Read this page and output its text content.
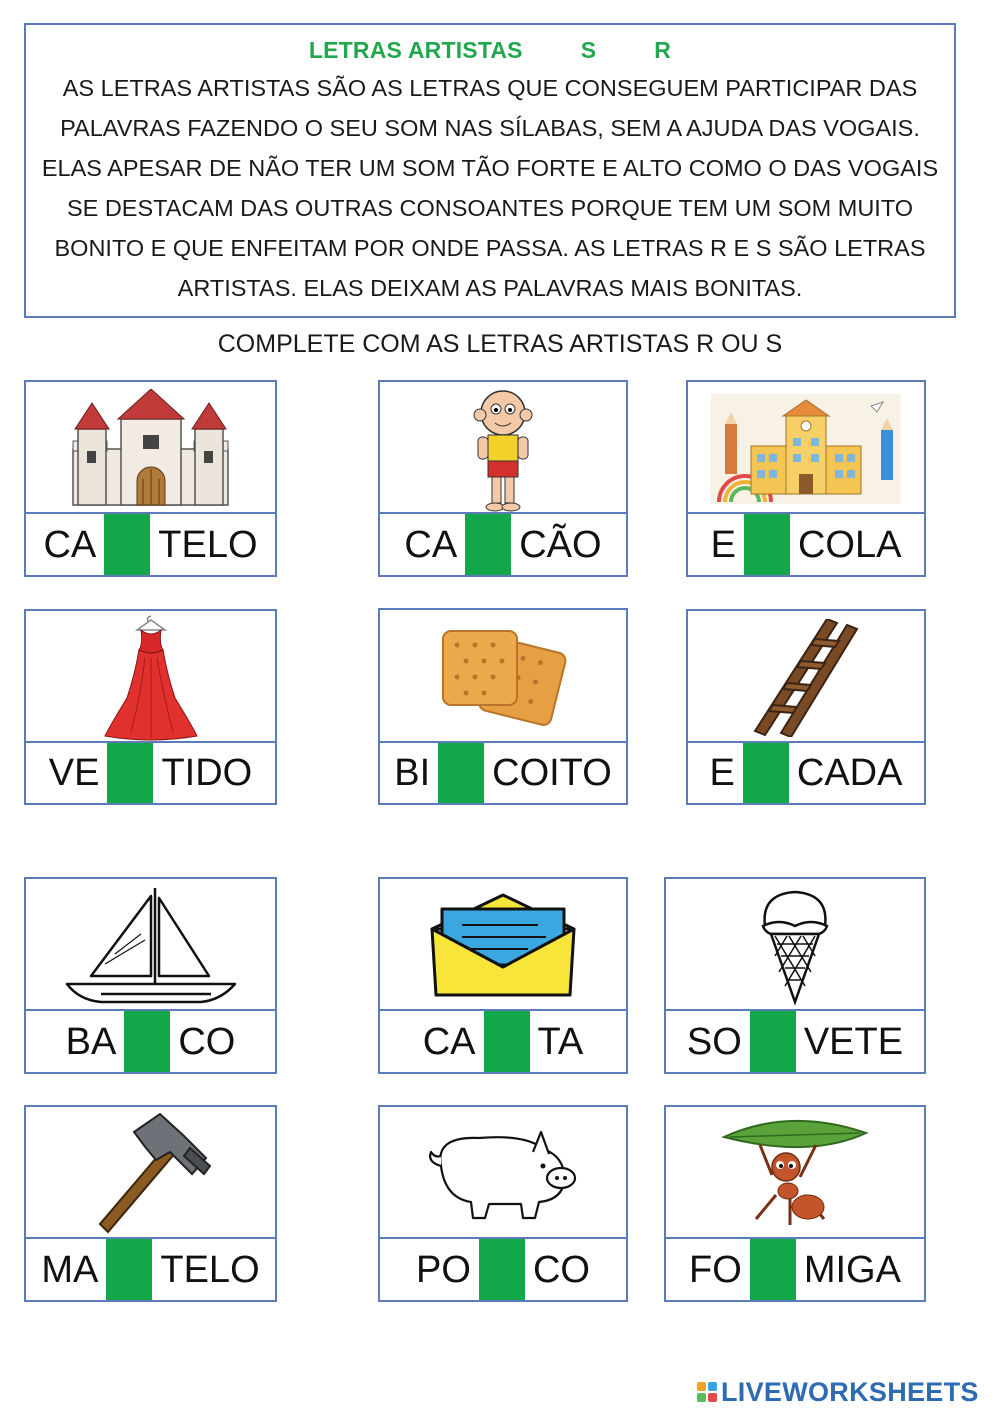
LETRAS ARTISTAS	S	R
AS LETRAS ARTISTAS SÃO AS LETRAS QUE CONSEGUEM PARTICIPAR DAS PALAVRAS FAZENDO O SEU SOM NAS SÍLABAS, SEM A AJUDA DAS VOGAIS. ELAS APESAR DE NÃO TER UM SOM TÃO FORTE E ALTO COMO O DAS VOGAIS SE DESTACAM DAS OUTRAS CONSOANTES PORQUE TEM UM SOM MUITO BONITO E QUE ENFEITAM POR ONDE PASSA. AS LETRAS R E S SÃO LETRAS ARTISTAS. ELAS DEIXAM AS PALAVRAS MAIS BONITAS.
COMPLETE COM AS LETRAS ARTISTAS R OU S
CA TELO	CA CÃO	E COLA
VE TIDO	BI COITO	E CADA
BA CO	CA TA	SO VETE
MA TELO	PO CO	FO MIGA
LIVEWORKSHEETS
